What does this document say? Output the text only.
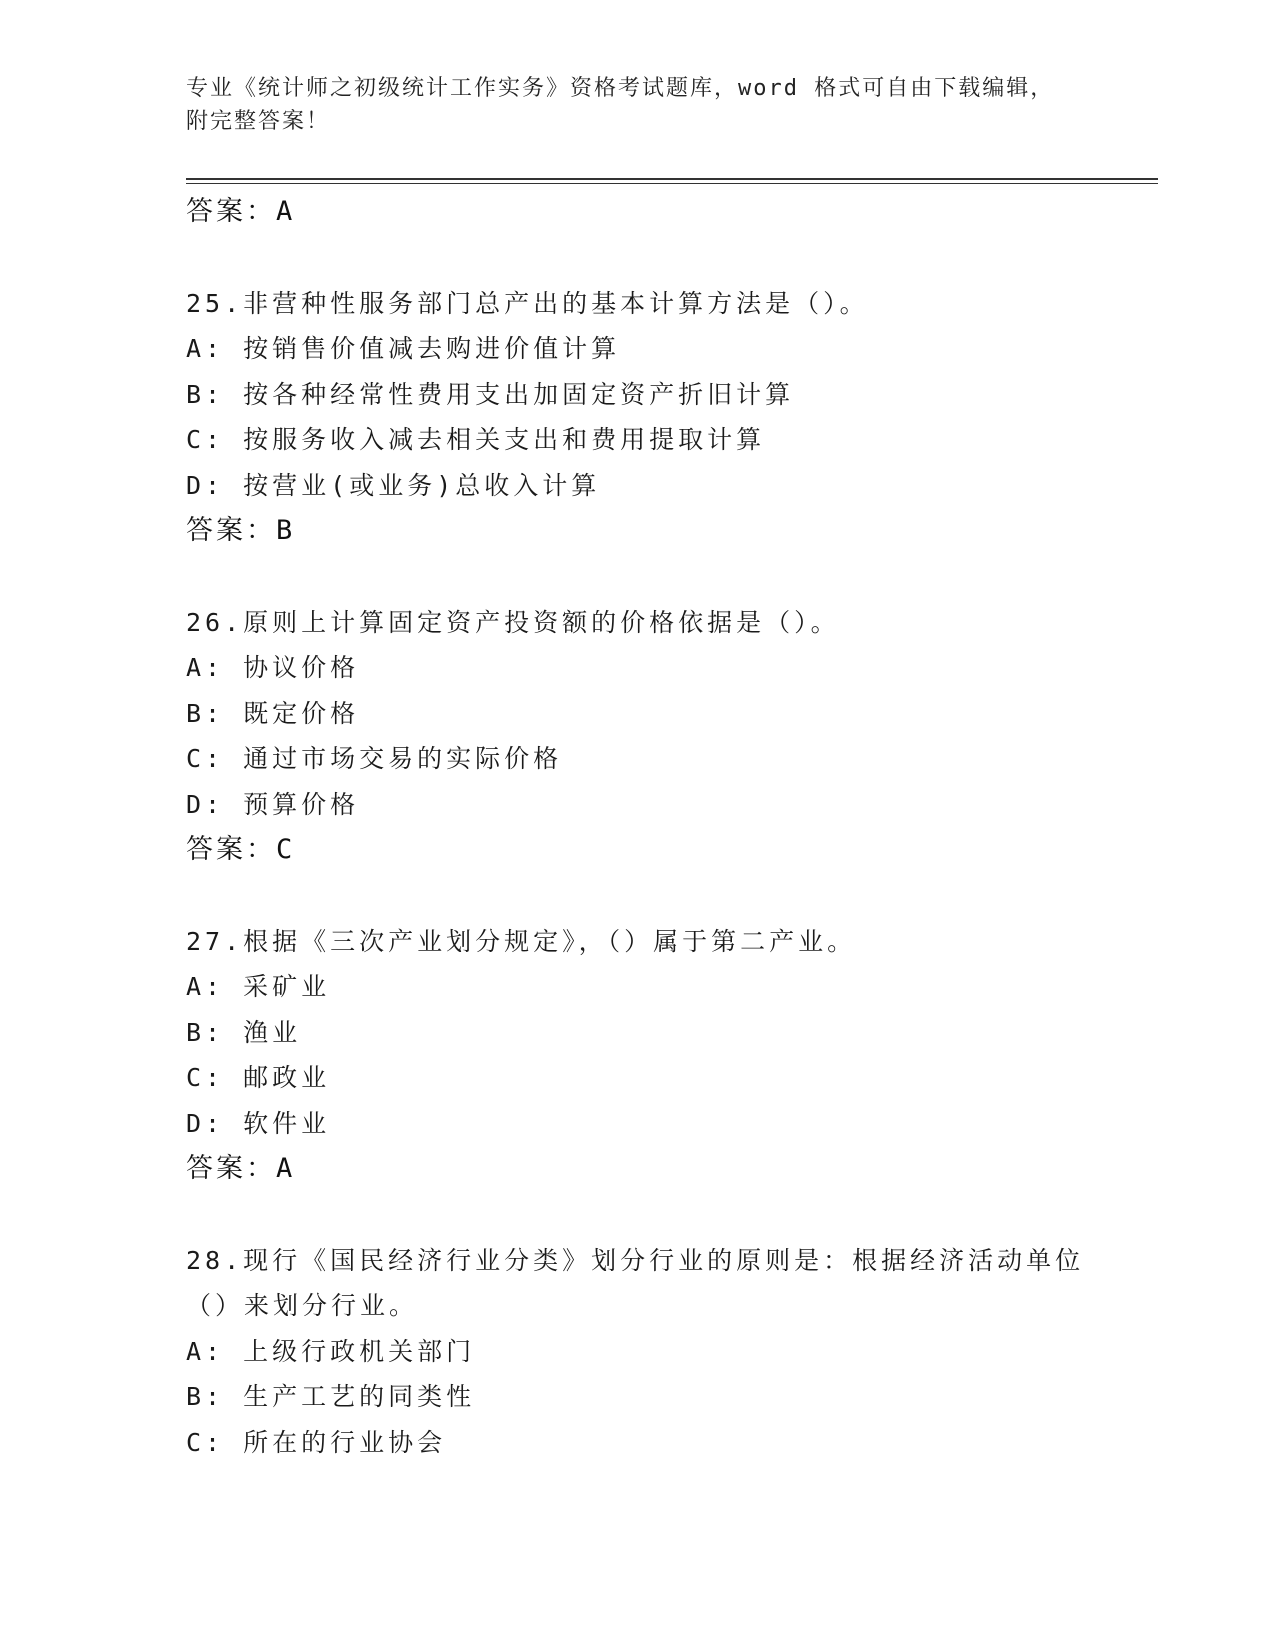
专业《统计师之初级统计工作实务》资格考试题库，word 格式可自由下载编辑，
附完整答案！
答案：A
25.非营种性服务部门总产出的基本计算方法是（）。
A: 按销售价值减去购进价值计算
B: 按各种经常性费用支出加固定资产折旧计算
C: 按服务收入减去相关支出和费用提取计算
D: 按营业(或业务)总收入计算
答案：B
26.原则上计算固定资产投资额的价格依据是（）。
A: 协议价格
B: 既定价格
C: 通过市场交易的实际价格
D: 预算价格
答案：C
27.根据《三次产业划分规定》，（）属于第二产业。
A: 采矿业
B: 渔业
C: 邮政业
D: 软件业
答案：A
28.现行《国民经济行业分类》划分行业的原则是：根据经济活动单位
（）来划分行业。
A: 上级行政机关部门
B: 生产工艺的同类性
C: 所在的行业协会
